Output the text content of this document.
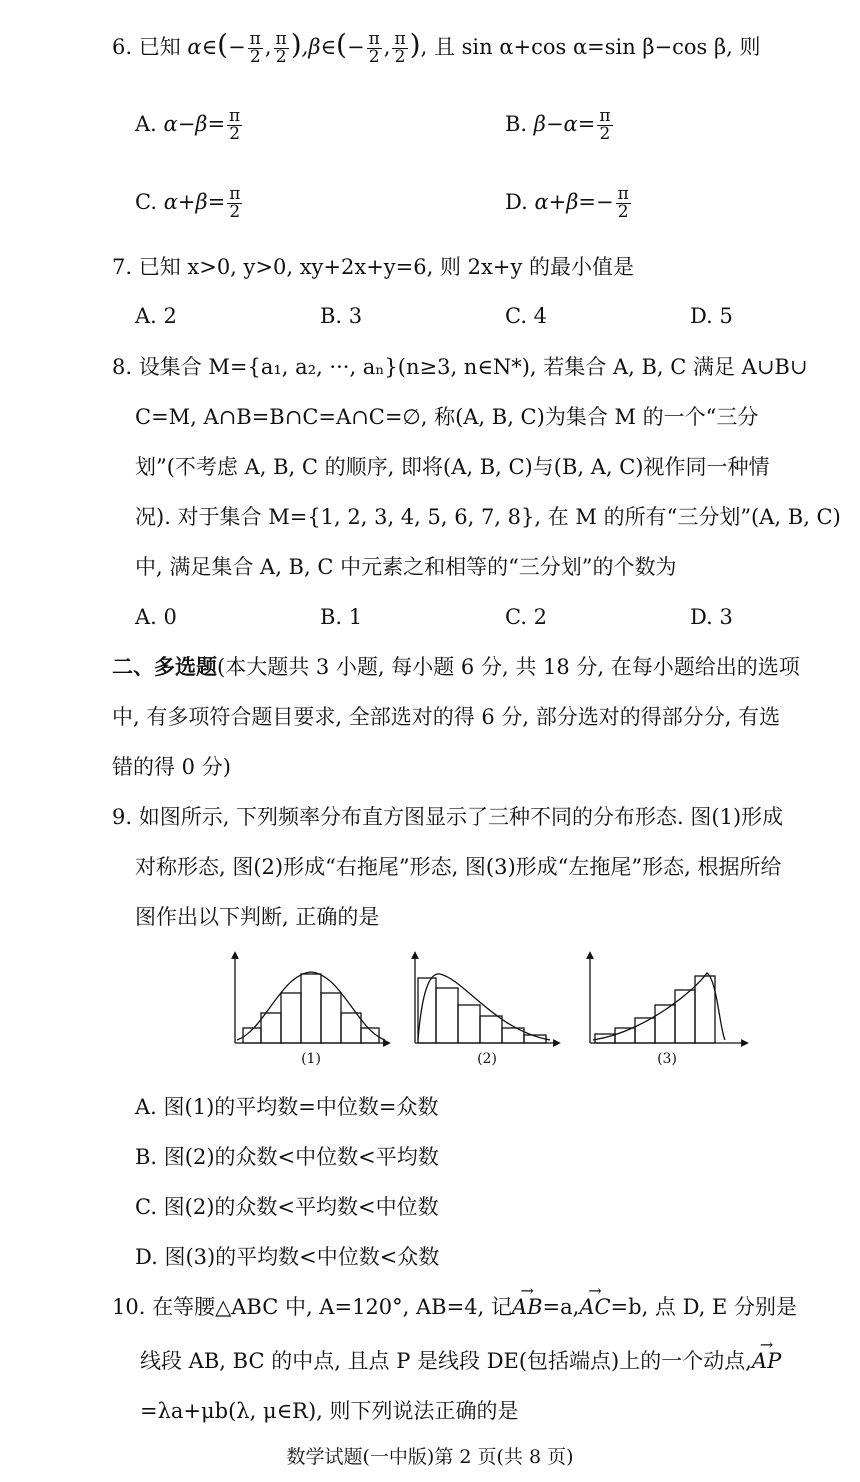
6. 已知 α∈(− $\frac{\pi}{2}$ , $\frac{\pi}{2}$ ),β∈(− $\frac{\pi}{2}$ , $\frac{\pi}{2}$ ), 且 sin α+cos α=sin β−cos β, 则
A. $\alpha-\beta= \frac{\pi}{2}$	B. $\beta-\alpha= \frac{\pi}{2}$
C. $\alpha+\beta= \frac{\pi}{2}$	D. $\alpha+\beta=- \frac{\pi}{2}$
7. 已知 x>0, y>0, xy+2x+y=6, 则 2x+y 的最小值是
A. 2	B. 3	C. 4	D. 5
8. 设集合 M={a₁, a₂, ···, aₙ}(n≥3, n∈N*), 若集合 A, B, C 满足 A∪B∪
C=M, A∩B=B∩C=A∩C=∅, 称(A, B, C)为集合 M 的一个“三分
划”(不考虑 A, B, C 的顺序, 即将(A, B, C)与(B, A, C)视作同一种情
况). 对于集合 M={1, 2, 3, 4, 5, 6, 7, 8}, 在 M 的所有“三分划”(A, B, C)
中, 满足集合 A, B, C 中元素之和相等的“三分划”的个数为
A. 0	B. 1	C. 2	D. 3
二、多选题(本大题共 3 小题, 每小题 6 分, 共 18 分, 在每小题给出的选项
中, 有多项符合题目要求, 全部选对的得 6 分, 部分选对的得部分分, 有选
错的得 0 分)
9. 如图所示, 下列频率分布直方图显示了三种不同的分布形态. 图(1)形成
对称形态, 图(2)形成“右拖尾”形态, 图(3)形成“左拖尾”形态, 根据所给
图作出以下判断, 正确的是
(1)	(2)	(3)
A. 图(1)的平均数=中位数=众数
B. 图(2)的众数<中位数<平均数
C. 图(2)的众数<平均数<中位数
D. 图(3)的平均数<中位数<众数
10. 在等腰△ABC 中, A=120°, AB=4, 记→ AB=a,→ AC=b, 点 D, E 分别是
线段 AB, BC 的中点, 且点 P 是线段 DE(包括端点)上的一个动点,→ AP
=λa+μb(λ, μ∈R), 则下列说法正确的是
数学试题(一中版)第 2 页(共 8 页)
